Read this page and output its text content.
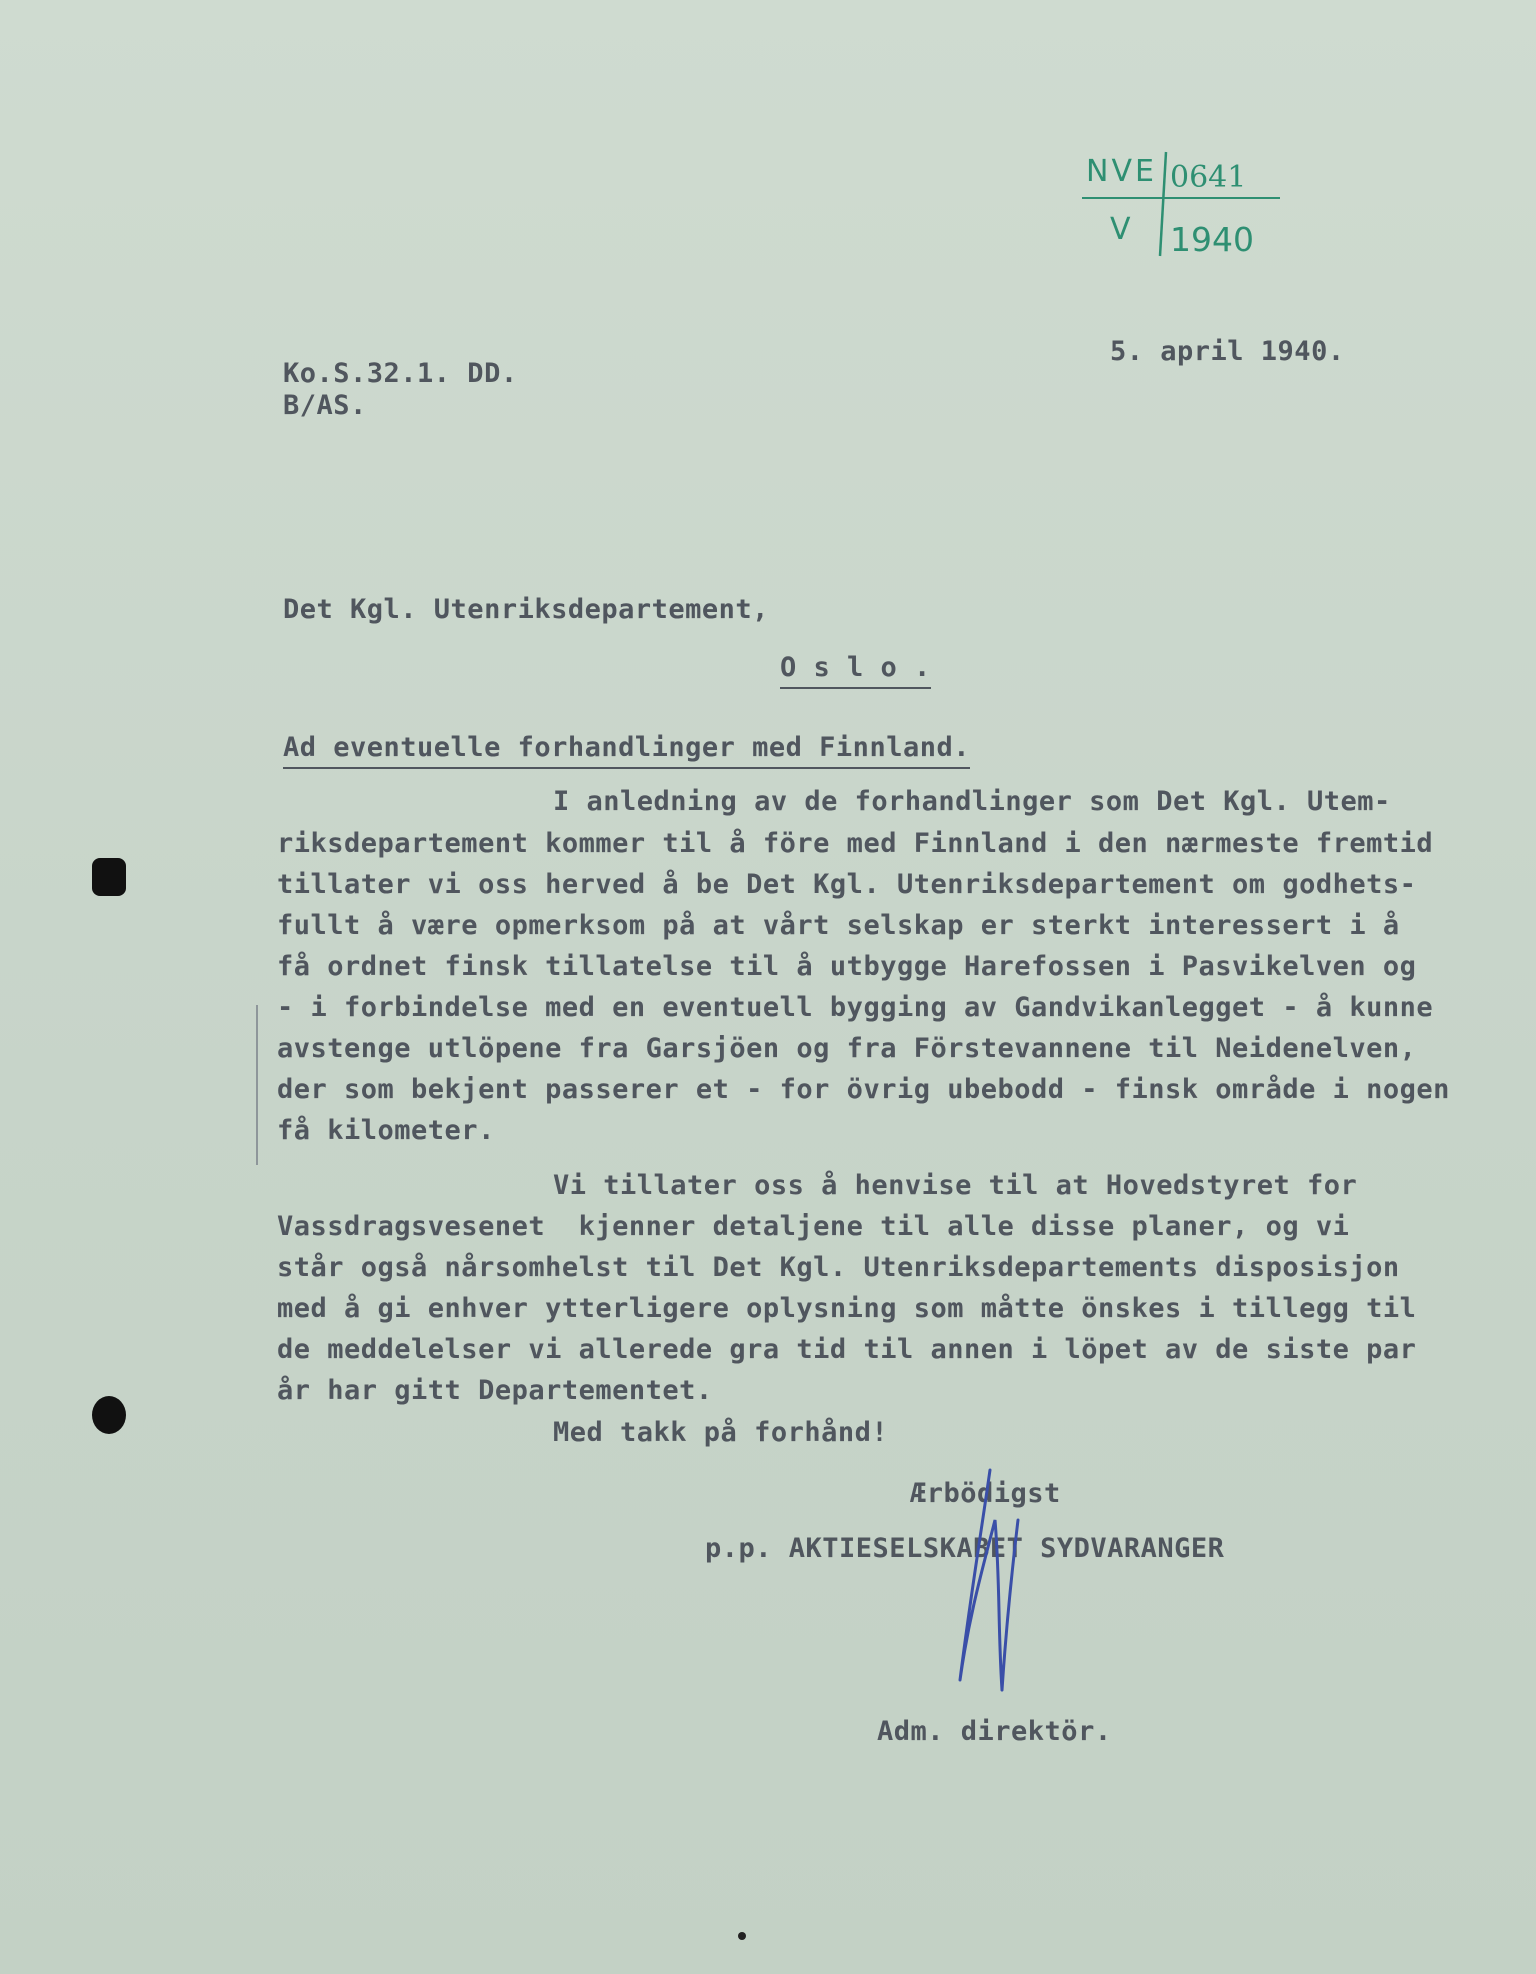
NVE 0641
V 1940
5. april 1940.
Ko.S.32.1. DD.
B/AS.
Det Kgl. Utenriksdepartement,
O s l o .
Ad eventuelle forhandlinger med Finnland.
I anledning av de forhandlinger som Det Kgl. Utem-
riksdepartement kommer til å före med Finnland i den nærmeste fremtid
tillater vi oss herved å be Det Kgl. Utenriksdepartement om godhets-
fullt å være opmerksom på at vårt selskap er sterkt interessert i å
få ordnet finsk tillatelse til å utbygge Harefossen i Pasvikelven og
- i forbindelse med en eventuell bygging av Gandvikanlegget - å kunne
avstenge utlöpene fra Garsjöen og fra Förstevannene til Neidenelven,
der som bekjent passerer et - for övrig ubebodd - finsk område i nogen
få kilometer.
Vi tillater oss å henvise til at Hovedstyret for
Vassdragsvesenet  kjenner detaljene til alle disse planer, og vi
står også nårsomhelst til Det Kgl. Utenriksdepartements disposisjon
med å gi enhver ytterligere oplysning som måtte önskes i tillegg til
de meddelelser vi allerede gra tid til annen i löpet av de siste par
år har gitt Departementet.
Med takk på forhånd!
Ærbödigst
p.p. AKTIESELSKABET SYDVARANGER
Adm. direktör.
